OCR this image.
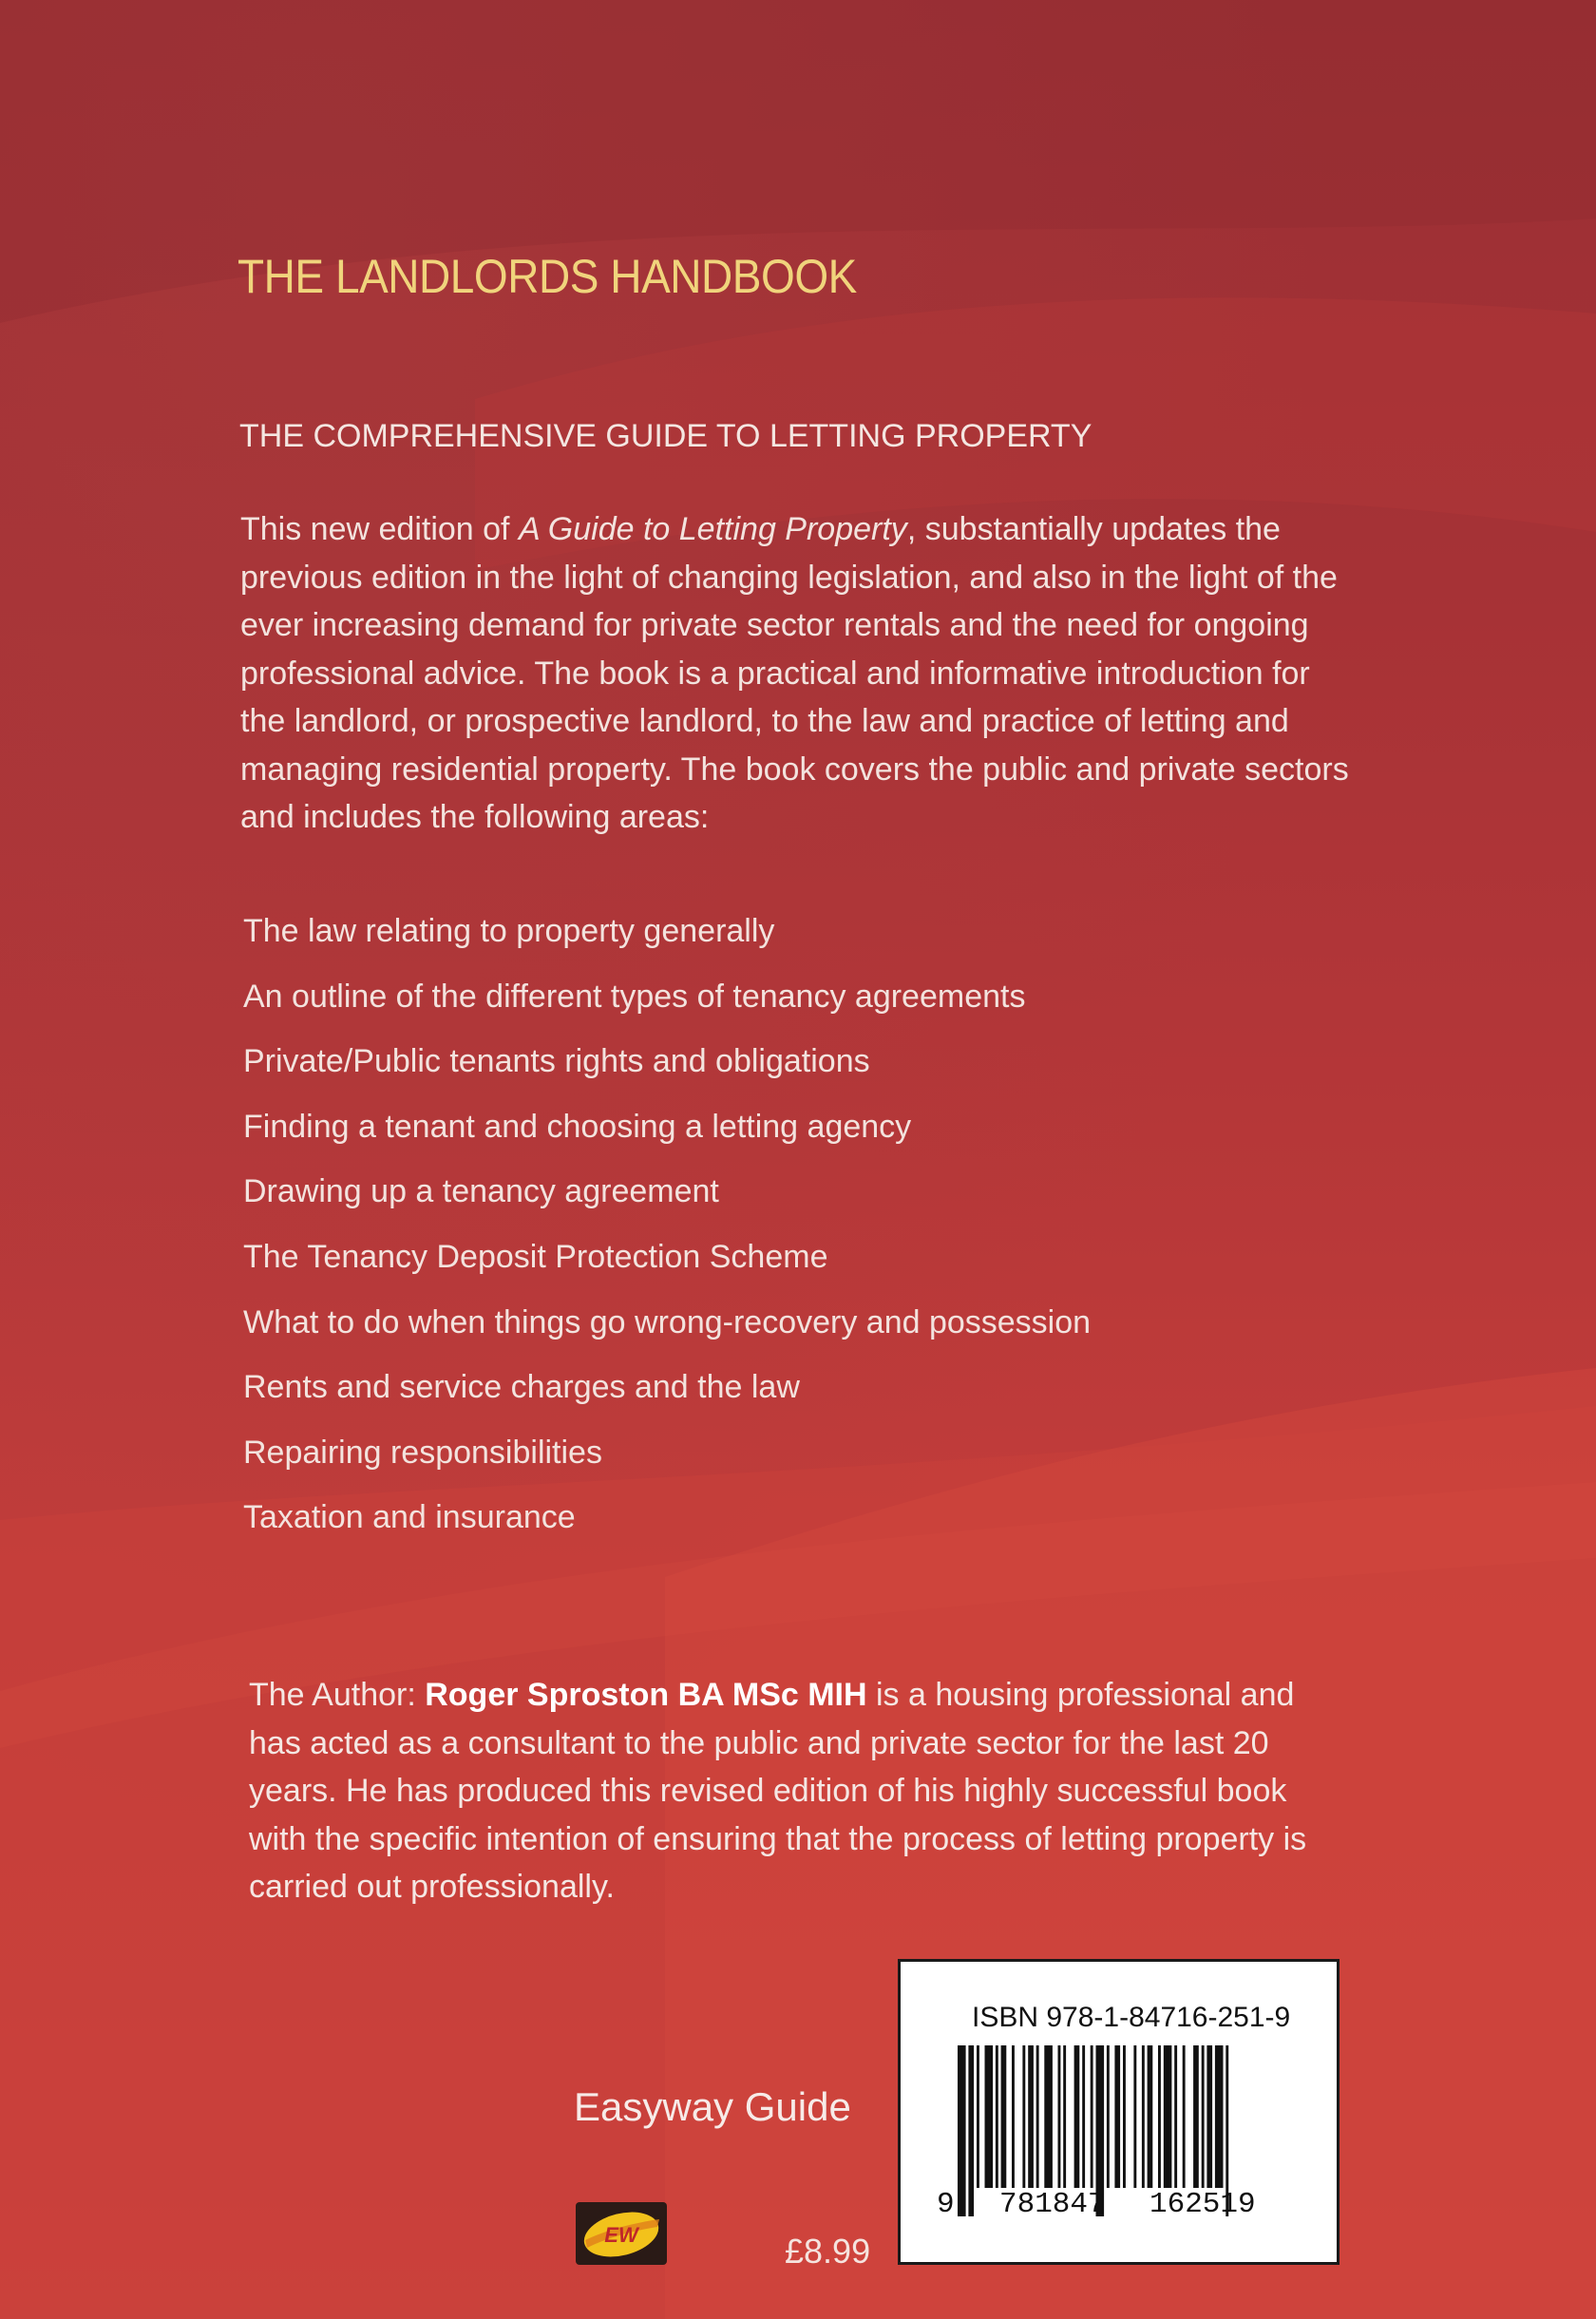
THE LANDLORDS HANDBOOK
THE COMPREHENSIVE GUIDE TO LETTING PROPERTY

This new edition of A Guide to Letting Property, substantially updates the previous edition in the light of changing legislation, and also in the light of the ever increasing demand for private sector rentals and the need for ongoing professional advice. The book is a practical and informative introduction for the landlord, or prospective landlord, to the law and practice of letting and managing residential property. The book covers the public and private sectors and includes the following areas:

The law relating to property generally
An outline of the different types of tenancy agreements
Private/Public tenants rights and obligations
Finding a tenant and choosing a letting agency
Drawing up a tenancy agreement
The Tenancy Deposit Protection Scheme
What to do when things go wrong-recovery and possession
Rents and service charges and the law
Repairing responsibilities
Taxation and insurance

The Author: Roger Sproston BA MSc MIH is a housing professional and has acted as a consultant to the public and private sector for the last 20 years. He has produced this revised edition of his highly successful book with the specific intention of ensuring that the process of letting property is carried out professionally.

Easyway Guide
EW	£8.99
ISBN 978-1-84716-251-9
9 781847 162519
